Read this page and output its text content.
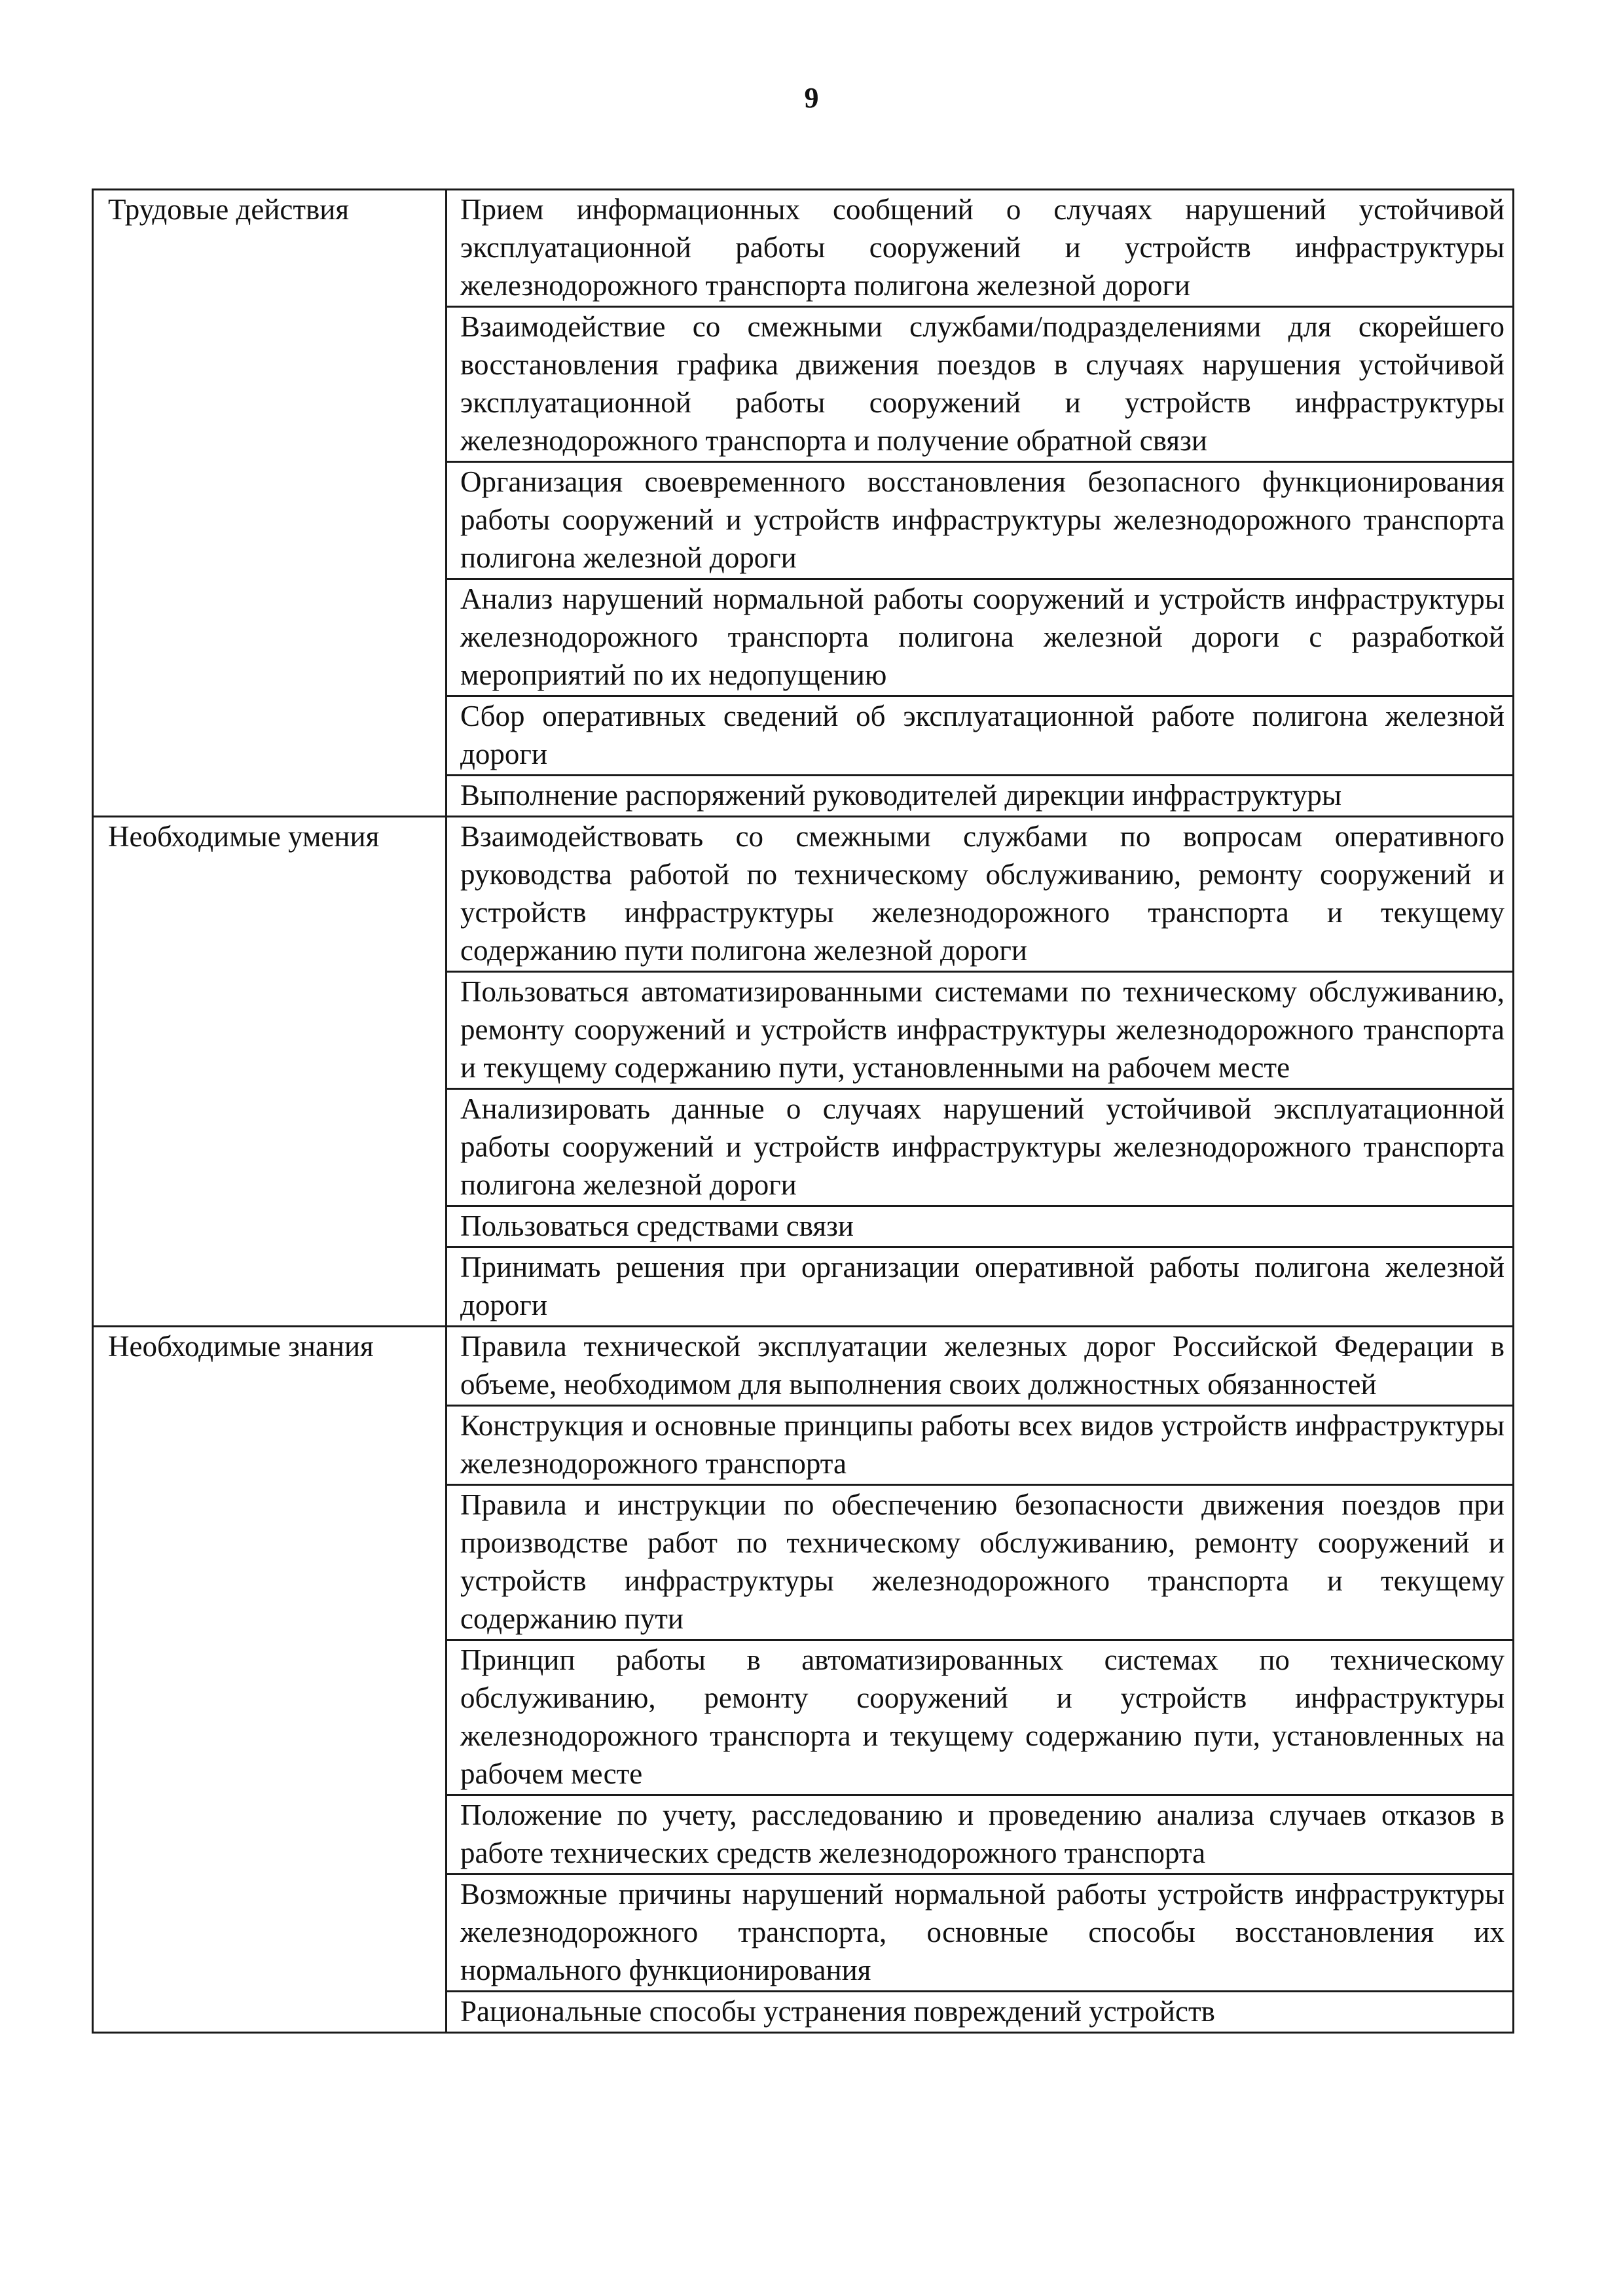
9
Трудовые действия	Прием информационных сообщений о случаях нарушений устойчивой эксплуатационной работы сооружений и устройств инфраструктуры железнодорожного транспорта полигона железной дороги
	Взаимодействие со смежными службами/подразделениями для скорейшего восстановления графика движения поездов в случаях нарушения устойчивой эксплуатационной работы сооружений и устройств инфраструктуры железнодорожного транспорта и получение обратной связи
	Организация своевременного восстановления безопасного функционирования работы сооружений и устройств инфраструктуры железнодорожного транспорта полигона железной дороги
	Анализ нарушений нормальной работы сооружений и устройств инфраструктуры железнодорожного транспорта полигона железной дороги с разработкой мероприятий по их недопущению
	Сбор оперативных сведений об эксплуатационной работе полигона железной дороги
	Выполнение распоряжений руководителей дирекции инфраструктуры
Необходимые умения	Взаимодействовать со смежными службами по вопросам оперативного руководства работой по техническому обслуживанию, ремонту сооружений и устройств инфраструктуры железнодорожного транспорта и текущему содержанию пути полигона железной дороги
	Пользоваться автоматизированными системами по техническому обслуживанию, ремонту сооружений и устройств инфраструктуры железнодорожного транспорта и текущему содержанию пути, установленными на рабочем месте
	Анализировать данные о случаях нарушений устойчивой эксплуатационной работы сооружений и устройств инфраструктуры железнодорожного транспорта полигона железной дороги
	Пользоваться средствами связи
	Принимать решения при организации оперативной работы полигона железной дороги
Необходимые знания	Правила технической эксплуатации железных дорог Российской Федерации в объеме, необходимом для выполнения своих должностных обязанностей
	Конструкция и основные принципы работы всех видов устройств инфраструктуры железнодорожного транспорта
	Правила и инструкции по обеспечению безопасности движения поездов при производстве работ по техническому обслуживанию, ремонту сооружений и устройств инфраструктуры железнодорожного транспорта и текущему содержанию пути
	Принцип работы в автоматизированных системах по техническому обслуживанию, ремонту сооружений и устройств инфраструктуры железнодорожного транспорта и текущему содержанию пути, установленных на рабочем месте
	Положение по учету, расследованию и проведению анализа случаев отказов в работе технических средств железнодорожного транспорта
	Возможные причины нарушений нормальной работы устройств инфраструктуры железнодорожного транспорта, основные способы восстановления их нормального функционирования
	Рациональные способы устранения повреждений устройств
